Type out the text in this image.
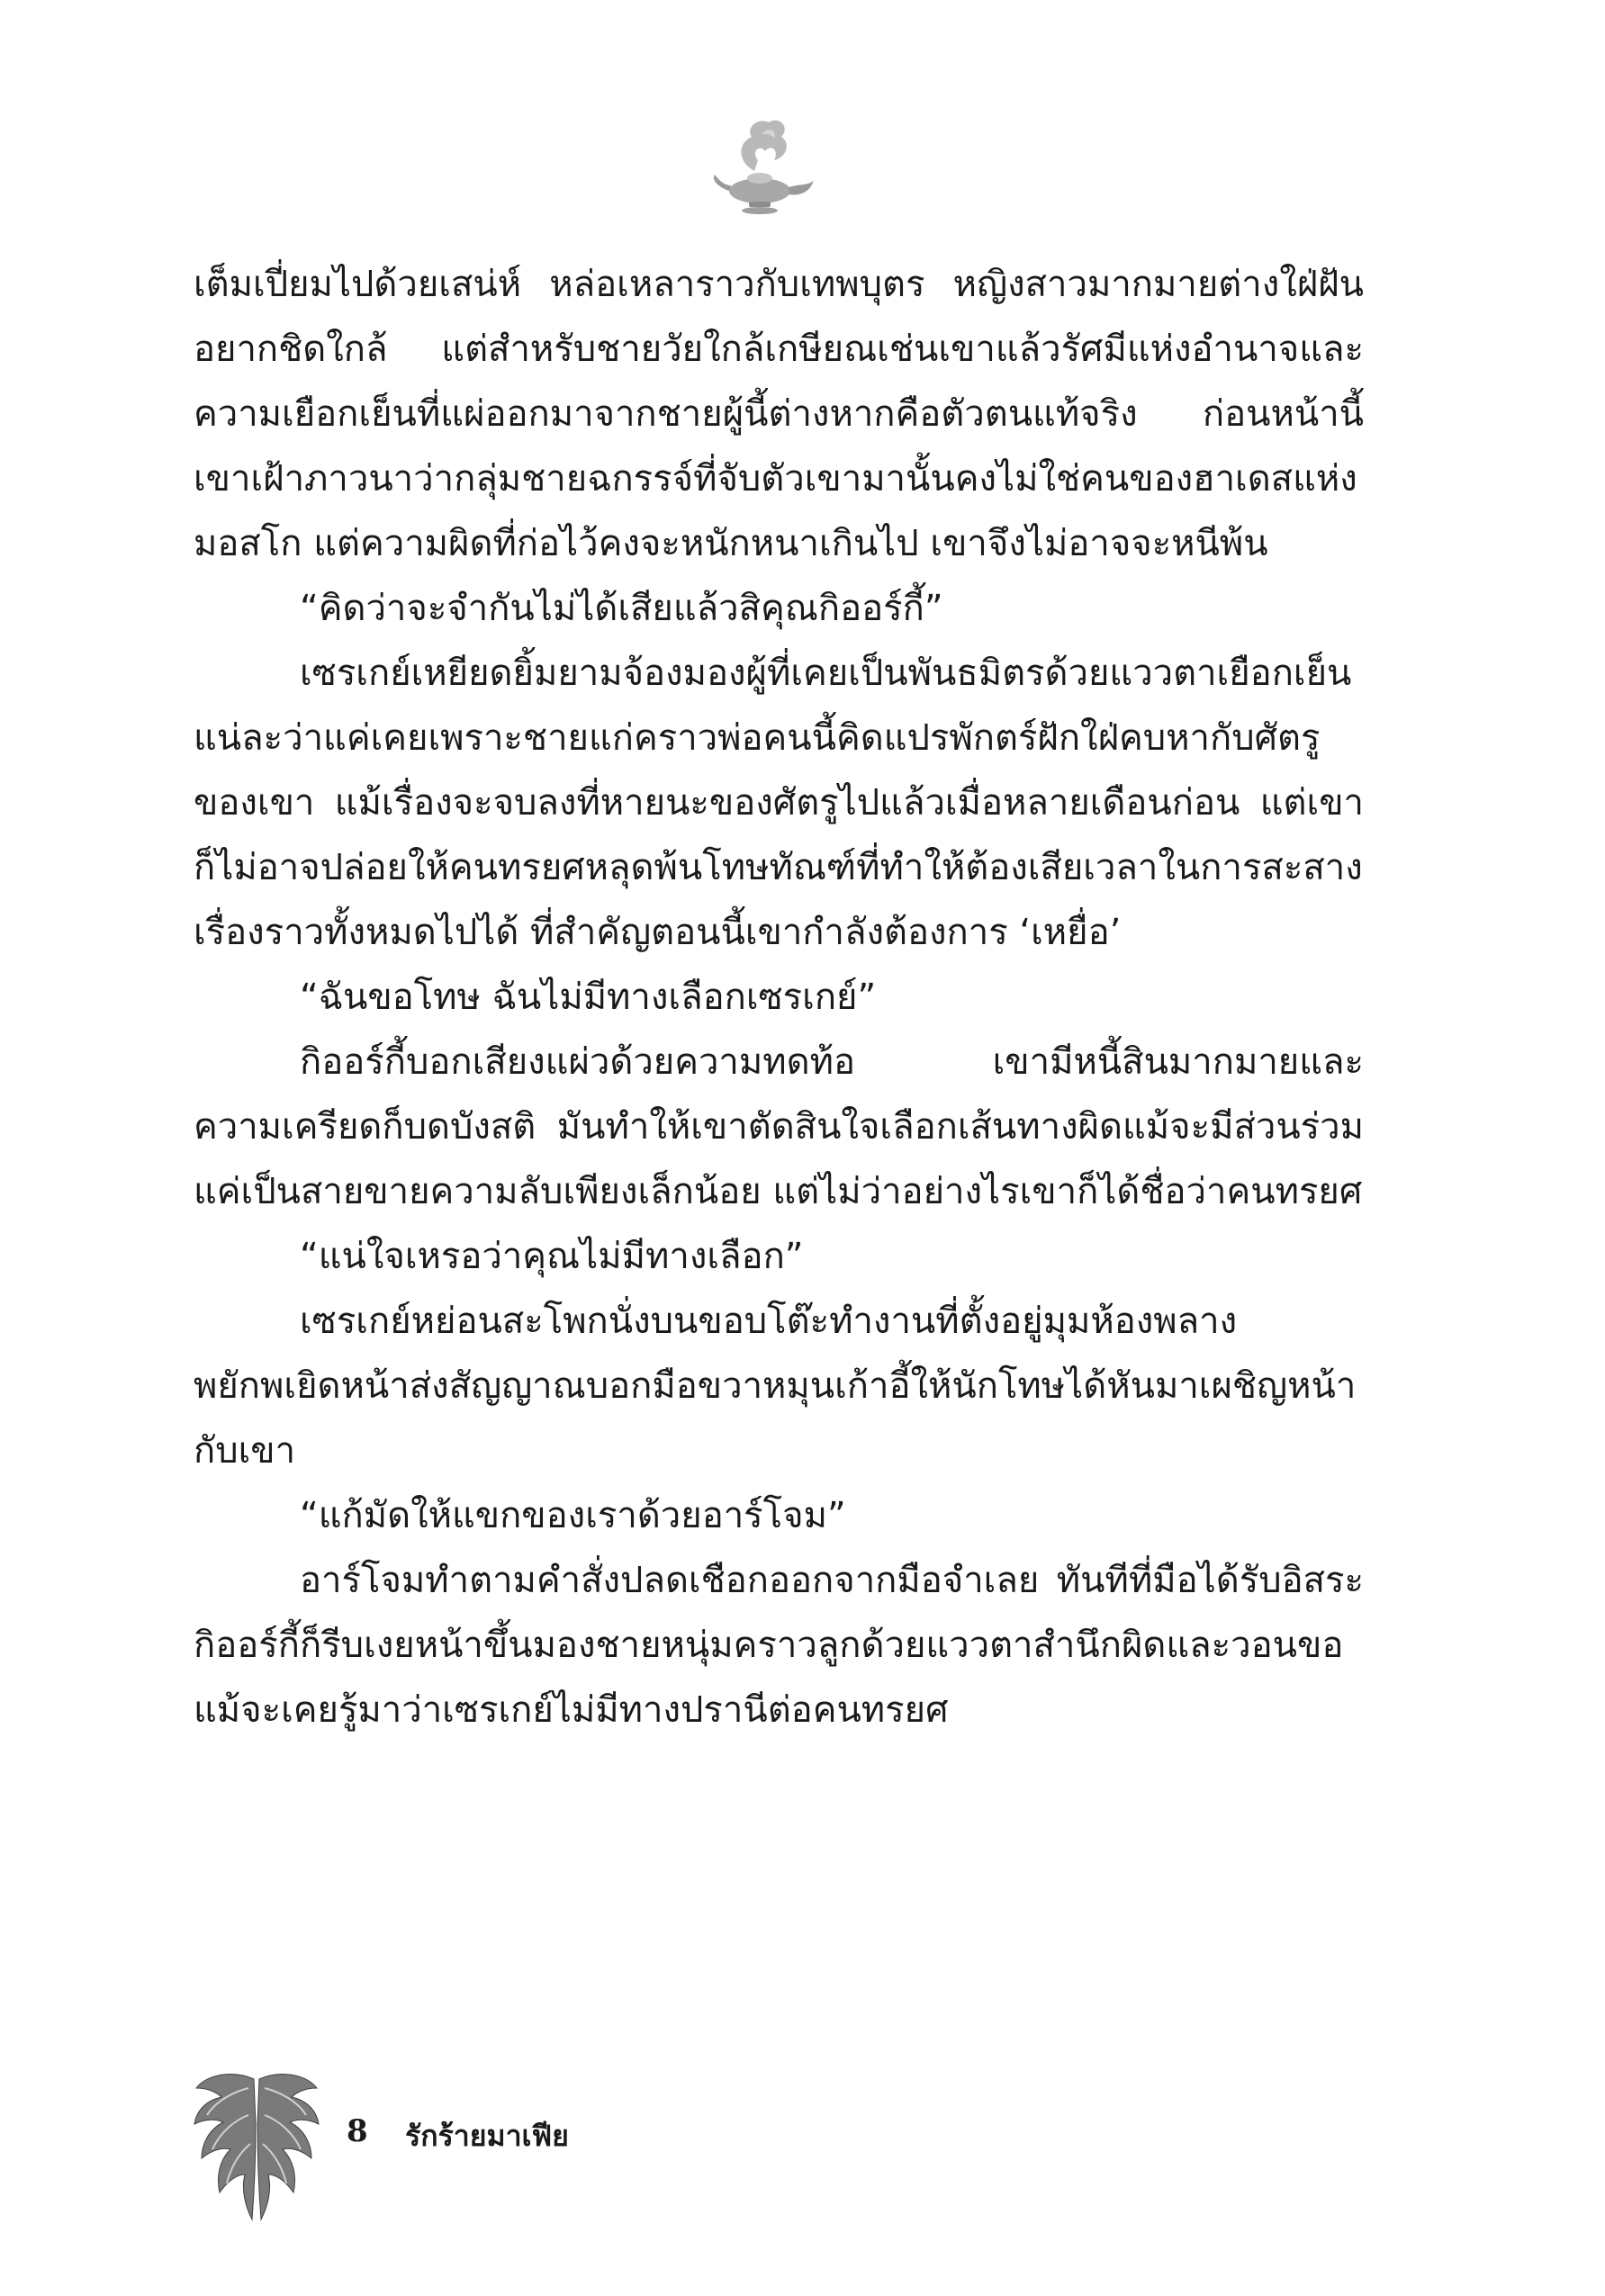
เต็มเปี่ยมไปด้วยเสน่ห์ หล่อเหลาราวกับเทพบุตร หญิงสาวมากมายต่างใฝ่ฝันอยากชิดใกล้ แต่สำหรับชายวัยใกล้เกษียณเช่นเขาแล้วรัศมีแห่งอำนาจและความเยือกเย็นที่แผ่ออกมาจากชายผู้นี้ต่างหากคือตัวตนแท้จริง ก่อนหน้านี้เขาเฝ้าภาวนาว่ากลุ่มชายฉกรรจ์ที่จับตัวเขามานั้นคงไม่ใช่คนของฮาเดสแห่งมอสโก แต่ความผิดที่ก่อไว้คงจะหนักหนาเกินไป เขาจึงไม่อาจจะหนีพ้น

“คิดว่าจะจำกันไม่ได้เสียแล้วสิคุณกิออร์กี้”

เซรเกย์เหยียดยิ้มยามจ้องมองผู้ที่เคยเป็นพันธมิตรด้วยแววตาเยือกเย็น แน่ละว่าแค่เคยเพราะชายแก่คราวพ่อคนนี้คิดแปรพักตร์ฝักใฝ่คบหากับศัตรูของเขา แม้เรื่องจะจบลงที่หายนะของศัตรูไปแล้วเมื่อหลายเดือนก่อน แต่เขาก็ไม่อาจปล่อยให้คนทรยศหลุดพ้นโทษทัณฑ์ที่ทำให้ต้องเสียเวลาในการสะสางเรื่องราวทั้งหมดไปได้ ที่สำคัญตอนนี้เขากำลังต้องการ ‘เหยื่อ’

“ฉันขอโทษ ฉันไม่มีทางเลือกเซรเกย์”

กิออร์กี้บอกเสียงแผ่วด้วยความทดท้อ เขามีหนี้สินมากมายและความเครียดก็บดบังสติ มันทำให้เขาตัดสินใจเลือกเส้นทางผิดแม้จะมีส่วนร่วมแค่เป็นสายขายความลับเพียงเล็กน้อย แต่ไม่ว่าอย่างไรเขาก็ได้ชื่อว่าคนทรยศ

“แน่ใจเหรอว่าคุณไม่มีทางเลือก”

เซรเกย์หย่อนสะโพกนั่งบนขอบโต๊ะทำงานที่ตั้งอยู่มุมห้องพลางพยักพเยิดหน้าส่งสัญญาณบอกมือขวาหมุนเก้าอี้ให้นักโทษได้หันมาเผชิญหน้ากับเขา

“แก้มัดให้แขกของเราด้วยอาร์โจม”

อาร์โจมทำตามคำสั่งปลดเชือกออกจากมือจำเลย ทันทีที่มือได้รับอิสระกิออร์กี้ก็รีบเงยหน้าขึ้นมองชายหนุ่มคราวลูกด้วยแววตาสำนึกผิดและวอนขอ แม้จะเคยรู้มาว่าเซรเกย์ไม่มีทางปรานีต่อคนทรยศ

8 รักร้ายมาเฟีย
